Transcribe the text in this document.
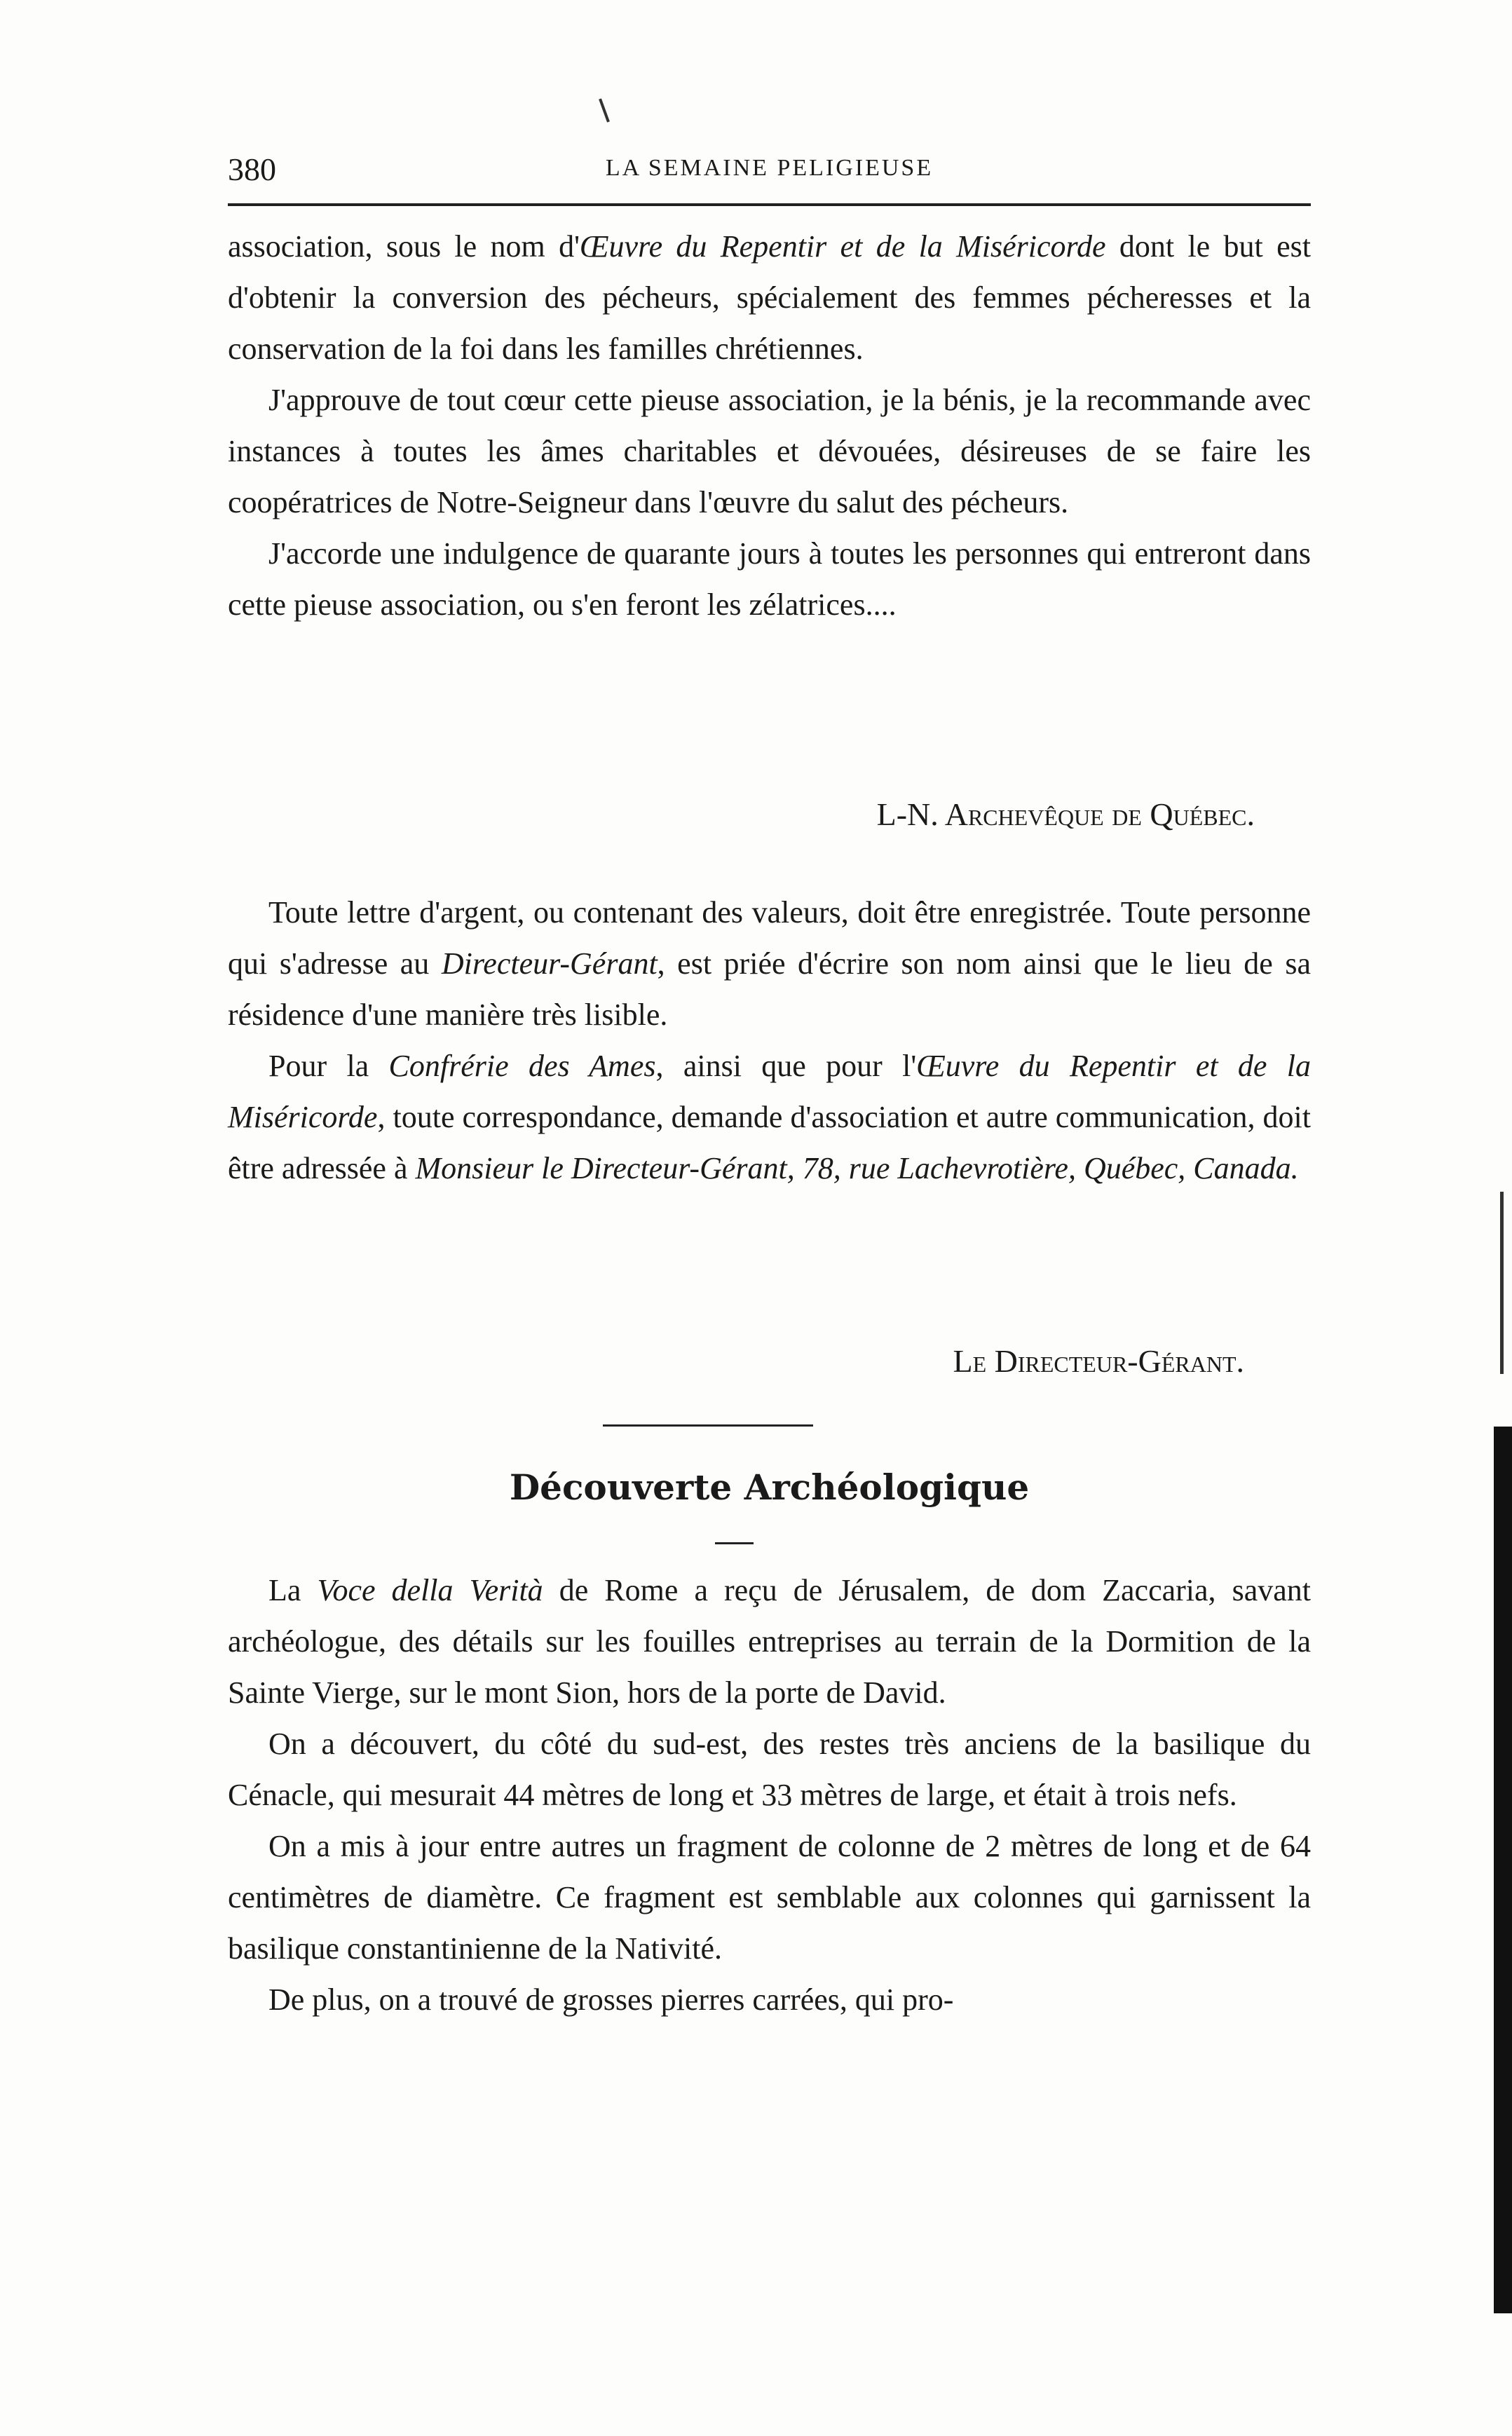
380	LA SEMAINE PELIGIEUSE

association, sous le nom d'Œuvre du Repentir et de la Miséricorde dont le but est d'obtenir la conversion des pécheurs, spécialement des femmes pécheresses et la conservation de la foi dans les familles chrétiennes.

J'approuve de tout cœur cette pieuse association, je la bénis, je la recommande avec instances à toutes les âmes charitables et dévouées, désireuses de se faire les coopératrices de Notre-Seigneur dans l'œuvre du salut des pécheurs.

J'accorde une indulgence de quarante jours à toutes les personnes qui entreront dans cette pieuse association, ou s'en feront les zélatrices....

L-N. Archevêque de Québec.

Toute lettre d'argent, ou contenant des valeurs, doit être enregistrée. Toute personne qui s'adresse au Directeur-Gérant, est priée d'écrire son nom ainsi que le lieu de sa résidence d'une manière très lisible.

Pour la Confrérie des Ames, ainsi que pour l'Œuvre du Repentir et de la Miséricorde, toute correspondance, demande d'association et autre communication, doit être adressée à Monsieur le Directeur-Gérant, 78, rue Lachevrotière, Québec, Canada.

Le Directeur-Gérant.
Découverte Archéologique

La Voce della Verità de Rome a reçu de Jérusalem, de dom Zaccaria, savant archéologue, des détails sur les fouilles entreprises au terrain de la Dormition de la Sainte Vierge, sur le mont Sion, hors de la porte de David.

On a découvert, du côté du sud-est, des restes très anciens de la basilique du Cénacle, qui mesurait 44 mètres de long et 33 mètres de large, et était à trois nefs.

On a mis à jour entre autres un fragment de colonne de 2 mètres de long et de 64 centimètres de diamètre. Ce fragment est semblable aux colonnes qui garnissent la basilique constantinienne de la Nativité.

De plus, on a trouvé de grosses pierres carrées, qui pro-
